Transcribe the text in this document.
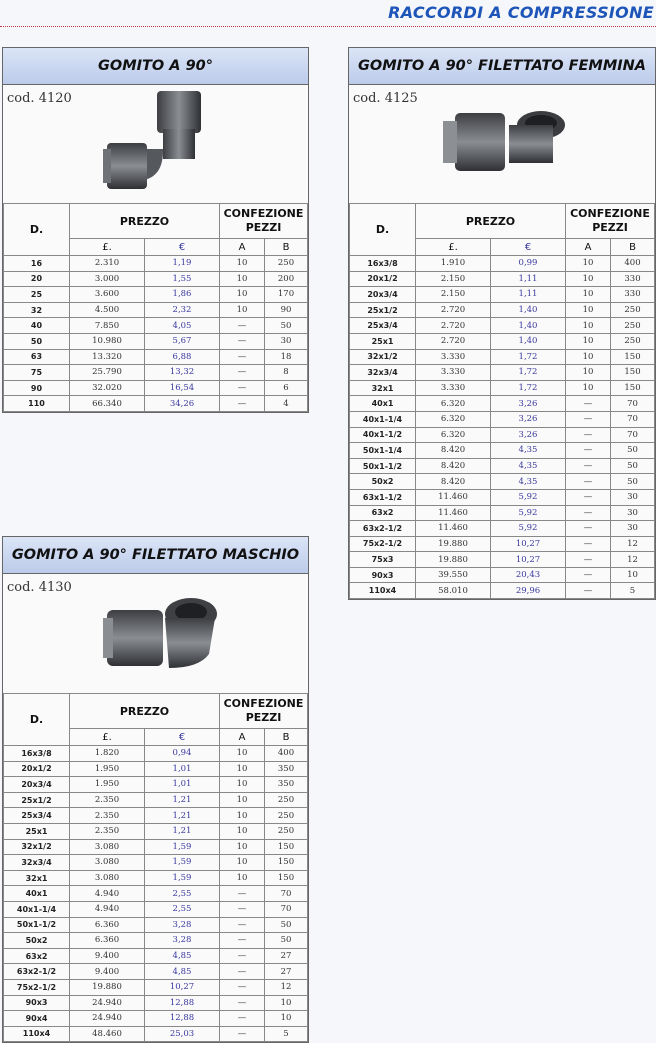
RACCORDI A COMPRESSIONE
GOMITO A 90°
cod. 4120
D.	PREZZO		CONFEZIONE PEZZI	
	£.	€	A	B
16	2.310	1,19	10	250
20	3.000	1,55	10	200
25	3.600	1,86	10	170
32	4.500	2,32	10	90
40	7.850	4,05	—	50
50	10.980	5,67	—	30
63	13.320	6,88	—	18
75	25.790	13,32	—	8
90	32.020	16,54	—	6
110	66.340	34,26	—	4
GOMITO A 90° FILETTATO FEMMINA
cod. 4125
D.	PREZZO		CONFEZIONE PEZZI	
	£.	€	A	B
16x3/8	1.910	0,99	10	400
20x1/2	2.150	1,11	10	330
20x3/4	2.150	1,11	10	330
25x1/2	2.720	1,40	10	250
25x3/4	2.720	1,40	10	250
25x1	2.720	1,40	10	250
32x1/2	3.330	1,72	10	150
32x3/4	3.330	1,72	10	150
32x1	3.330	1,72	10	150
40x1	6.320	3,26	—	70
40x1-1/4	6.320	3,26	—	70
40x1-1/2	6.320	3,26	—	70
50x1-1/4	8.420	4,35	—	50
50x1-1/2	8.420	4,35	—	50
50x2	8.420	4,35	—	50
63x1-1/2	11.460	5,92	—	30
63x2	11.460	5,92	—	30
63x2-1/2	11.460	5,92	—	30
75x2-1/2	19.880	10,27	—	12
75x3	19.880	10,27	—	12
90x3	39.550	20,43	—	10
110x4	58.010	29,96	—	5
GOMITO A 90° FILETTATO MASCHIO
cod. 4130
D.	PREZZO		CONFEZIONE PEZZI	
	£.	€	A	B
16x3/8	1.820	0,94	10	400
20x1/2	1.950	1,01	10	350
20x3/4	1.950	1,01	10	350
25x1/2	2.350	1,21	10	250
25x3/4	2.350	1,21	10	250
25x1	2.350	1,21	10	250
32x1/2	3.080	1,59	10	150
32x3/4	3.080	1,59	10	150
32x1	3.080	1,59	10	150
40x1	4.940	2,55	—	70
40x1-1/4	4.940	2,55	—	70
50x1-1/2	6.360	3,28	—	50
50x2	6.360	3,28	—	50
63x2	9.400	4,85	—	27
63x2-1/2	9.400	4,85	—	27
75x2-1/2	19.880	10,27	—	12
90x3	24.940	12,88	—	10
90x4	24.940	12,88	—	10
110x4	48.460	25,03	—	5
